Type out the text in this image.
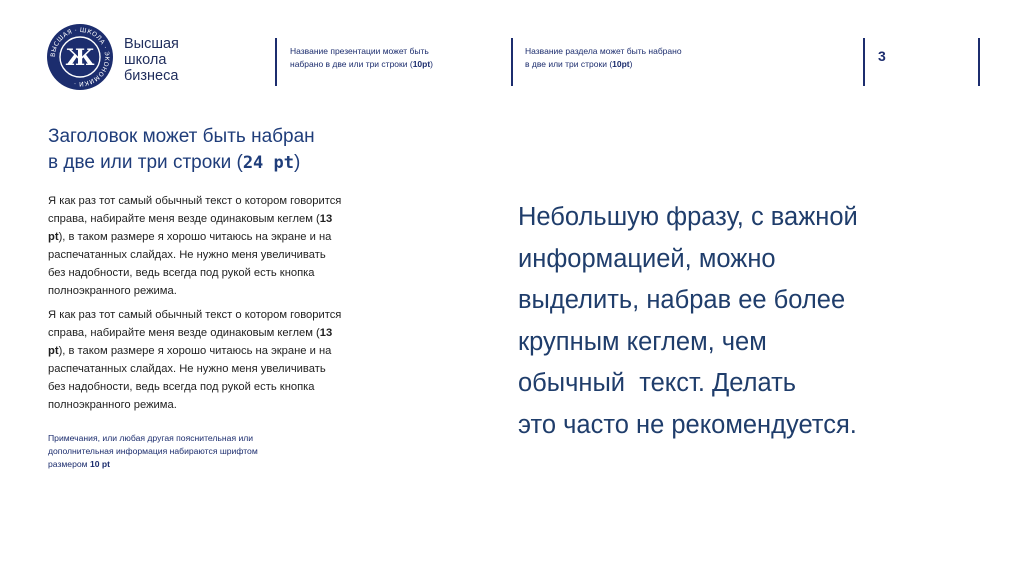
ВЫСШАЯ · ШКОЛА · ЭКОНОМИКИ ·
Ж
Высшая
школа
бизнеса
Название презентации может быть
набрано в две или три строки (10pt)
Название раздела может быть набрано
в две или три строки (10pt)	3
Заголовок может быть набран
в две или три строки (24 pt)
Я как раз тот самый обычный текст о котором говорится
справа, набирайте меня везде одинаковым кеглем (13
pt), в таком размере я хорошо читаюсь на экране и на
распечатанных слайдах. Не нужно меня увеличивать
без надобности, ведь всегда под рукой есть кнопка
полноэкранного режима.
Я как раз тот самый обычный текст о котором говорится
справа, набирайте меня везде одинаковым кеглем (13
pt), в таком размере я хорошо читаюсь на экране и на
распечатанных слайдах. Не нужно меня увеличивать
без надобности, ведь всегда под рукой есть кнопка
полноэкранного режима.
Примечания, или любая другая пояснительная или
дополнительная информация набираются шрифтом
размером 10 pt
Небольшую фразу, с важной
информацией, можно
выделить, набрав ее более
крупным кеглем, чем
обычный  текст. Делать
это часто не рекомендуется.
